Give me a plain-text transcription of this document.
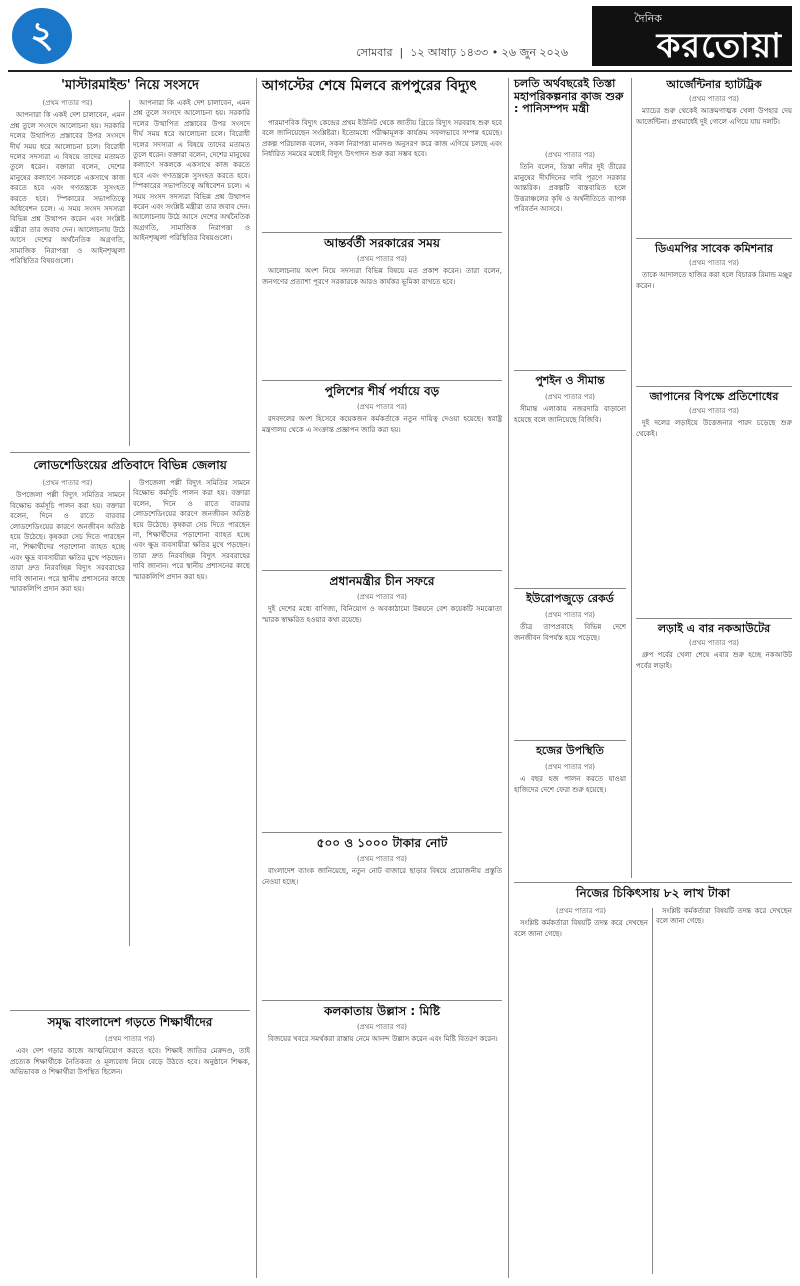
২	সোমবার  |  ১২ আষাঢ় ১৪৩৩ • ২৬ জুন ২০২৬
দৈনিক
করতোয়া
'মাস্টারমাইন্ড' নিয়ে সংসদে
(প্রথম পাতার পর)

আপনারা কি একই দেশ চালাবেন, এমন প্রশ্ন তুলে সংসদে আলোচনা হয়। সরকারি দলের উত্থাপিত প্রস্তাবের উপর সংসদে দীর্ঘ সময় ধরে আলোচনা চলে। বিরোধী দলের সদস্যরা এ বিষয়ে তাদের মতামত তুলে ধরেন। বক্তারা বলেন, দেশের মানুষের কল্যাণে সকলকে একসাথে কাজ করতে হবে এবং গণতন্ত্রকে সুসংহত করতে হবে। স্পিকারের সভাপতিত্বে অধিবেশন চলে। এ সময় সংসদ সদস্যরা বিভিন্ন প্রশ্ন উত্থাপন করেন এবং সংশ্লিষ্ট মন্ত্রীরা তার জবাব দেন। আলোচনায় উঠে আসে দেশের অর্থনৈতিক অগ্রগতি, সামাজিক নিরাপত্তা ও আইনশৃঙ্খলা পরিস্থিতির বিষয়গুলো।

আপনারা কি একই দেশ চালাবেন, এমন প্রশ্ন তুলে সংসদে আলোচনা হয়। সরকারি দলের উত্থাপিত প্রস্তাবের উপর সংসদে দীর্ঘ সময় ধরে আলোচনা চলে। বিরোধী দলের সদস্যরা এ বিষয়ে তাদের মতামত তুলে ধরেন। বক্তারা বলেন, দেশের মানুষের কল্যাণে সকলকে একসাথে কাজ করতে হবে এবং গণতন্ত্রকে সুসংহত করতে হবে। স্পিকারের সভাপতিত্বে অধিবেশন চলে। এ সময় সংসদ সদস্যরা বিভিন্ন প্রশ্ন উত্থাপন করেন এবং সংশ্লিষ্ট মন্ত্রীরা তার জবাব দেন। আলোচনায় উঠে আসে দেশের অর্থনৈতিক অগ্রগতি, সামাজিক নিরাপত্তা ও আইনশৃঙ্খলা পরিস্থিতির বিষয়গুলো।

লোডশেডিংয়ের প্রতিবাদে বিভিন্ন জেলায়
(প্রথম পাতার পর)

উপজেলা পল্লী বিদ্যুৎ সমিতির সামনে বিক্ষোভ কর্মসূচি পালন করা হয়। বক্তারা বলেন, দিনে ও রাতে বারবার লোডশেডিংয়ের কারণে জনজীবন অতিষ্ঠ হয়ে উঠেছে। কৃষকরা সেচ দিতে পারছেন না, শিক্ষার্থীদের পড়াশোনা ব্যাহত হচ্ছে এবং ক্ষুদ্র ব্যবসায়ীরা ক্ষতির মুখে পড়ছেন। তারা দ্রুত নিরবচ্ছিন্ন বিদ্যুৎ সরবরাহের দাবি জানান। পরে স্থানীয় প্রশাসনের কাছে স্মারকলিপি প্রদান করা হয়।

উপজেলা পল্লী বিদ্যুৎ সমিতির সামনে বিক্ষোভ কর্মসূচি পালন করা হয়। বক্তারা বলেন, দিনে ও রাতে বারবার লোডশেডিংয়ের কারণে জনজীবন অতিষ্ঠ হয়ে উঠেছে। কৃষকরা সেচ দিতে পারছেন না, শিক্ষার্থীদের পড়াশোনা ব্যাহত হচ্ছে এবং ক্ষুদ্র ব্যবসায়ীরা ক্ষতির মুখে পড়ছেন। তারা দ্রুত নিরবচ্ছিন্ন বিদ্যুৎ সরবরাহের দাবি জানান। পরে স্থানীয় প্রশাসনের কাছে স্মারকলিপি প্রদান করা হয়।

সমৃদ্ধ বাংলাদেশ গড়তে শিক্ষার্থীদের
(প্রথম পাতার পর)

এবং দেশ গড়ার কাজে আত্মনিয়োগ করতে হবে। শিক্ষাই জাতির মেরুদণ্ড, তাই প্রত্যেক শিক্ষার্থীকে নৈতিকতা ও মূল্যবোধ নিয়ে বেড়ে উঠতে হবে। অনুষ্ঠানে শিক্ষক, অভিভাবক ও শিক্ষার্থীরা উপস্থিত ছিলেন।

আগস্টের শেষে মিলবে রূপপুরের বিদ্যুৎ

পারমাণবিক বিদ্যুৎ কেন্দ্রের প্রথম ইউনিট থেকে জাতীয় গ্রিডে বিদ্যুৎ সরবরাহ শুরু হবে বলে জানিয়েছেন সংশ্লিষ্টরা। ইতোমধ্যে পরীক্ষামূলক কার্যক্রম সফলভাবে সম্পন্ন হয়েছে। প্রকল্প পরিচালক বলেন, সকল নিরাপত্তা মানদণ্ড অনুসরণ করে কাজ এগিয়ে চলছে এবং নির্ধারিত সময়ের মধ্যেই বিদ্যুৎ উৎপাদন শুরু করা সম্ভব হবে।

আন্তর্বর্তী সরকারের সময়
(প্রথম পাতার পর)

আলোচনায় অংশ নিয়ে সদস্যরা বিভিন্ন বিষয়ে মত প্রকাশ করেন। তারা বলেন, জনগণের প্রত্যাশা পূরণে সরকারকে আরও কার্যকর ভূমিকা রাখতে হবে।

পুলিশের শীর্ষ পর্যায়ে বড়
(প্রথম পাতার পর)

রদবদলের অংশ হিসেবে কয়েকজন কর্মকর্তাকে নতুন দায়িত্ব দেওয়া হয়েছে। স্বরাষ্ট্র মন্ত্রণালয় থেকে এ সংক্রান্ত প্রজ্ঞাপন জারি করা হয়।

প্রধানমন্ত্রীর চীন সফরে
(প্রথম পাতার পর)

দুই দেশের মধ্যে বাণিজ্য, বিনিয়োগ ও অবকাঠামো উন্নয়নে বেশ কয়েকটি সমঝোতা স্মারক স্বাক্ষরিত হওয়ার কথা রয়েছে।

৫০০ ও ১০০০ টাকার নোট
(প্রথম পাতার পর)

বাংলাদেশ ব্যাংক জানিয়েছে, নতুন নোট বাজারে ছাড়ার বিষয়ে প্রয়োজনীয় প্রস্তুতি নেওয়া হচ্ছে।

কলকাতায় উল্লাস : মিষ্টি
(প্রথম পাতার পর)

বিজয়ের খবরে সমর্থকরা রাস্তায় নেমে আনন্দ উল্লাস করেন এবং মিষ্টি বিতরণ করেন।

চলতি অর্থবছরেই তিস্তা মহাপরিকল্পনার কাজ শুরু : পানিসম্পদ মন্ত্রী
(প্রথম পাতার পর)

তিনি বলেন, তিস্তা নদীর দুই তীরের মানুষের দীর্ঘদিনের দাবি পূরণে সরকার আন্তরিক। প্রকল্পটি বাস্তবায়িত হলে উত্তরাঞ্চলের কৃষি ও অর্থনীতিতে ব্যাপক পরিবর্তন আসবে।

পুশইন ও সীমান্ত
(প্রথম পাতার পর)

সীমান্ত এলাকায় নজরদারি বাড়ানো হয়েছে বলে জানিয়েছে বিজিবি।

ইউরোপজুড়ে রেকর্ড
(প্রথম পাতার পর)

তীব্র তাপপ্রবাহে বিভিন্ন দেশে জনজীবন বিপর্যস্ত হয়ে পড়েছে।

হজের উপস্থিতি
(প্রথম পাতার পর)

এ বছর হজ পালন করতে যাওয়া হাজিদের দেশে ফেরা শুরু হয়েছে।

আর্জেন্টিনার হ্যাটট্রিক
(প্রথম পাতার পর)

ম্যাচের শুরু থেকেই আক্রমণাত্মক খেলা উপহার দেয় আর্জেন্টিনা। প্রথমার্ধেই দুই গোলে এগিয়ে যায় দলটি।

ডিএমপির সাবেক কমিশনার
(প্রথম পাতার পর)

তাকে আদালতে হাজির করা হলে বিচারক রিমান্ড মঞ্জুর করেন।

জাপানের বিপক্ষে প্রতিশোধের
(প্রথম পাতার পর)

দুই দলের লড়াইয়ে উত্তেজনার পারদ চড়েছে শুরু থেকেই।

লড়াই এ বার নকআউটের
(প্রথম পাতার পর)

গ্রুপ পর্বের খেলা শেষে এবার শুরু হচ্ছে নকআউট পর্বের লড়াই।

নিজের চিকিৎসায় ৮২ লাখ টাকা
(প্রথম পাতার পর)

সংশ্লিষ্ট কর্মকর্তারা বিষয়টি তদন্ত করে দেখছেন বলে জানা গেছে।

সংশ্লিষ্ট কর্মকর্তারা বিষয়টি তদন্ত করে দেখছেন বলে জানা গেছে।
